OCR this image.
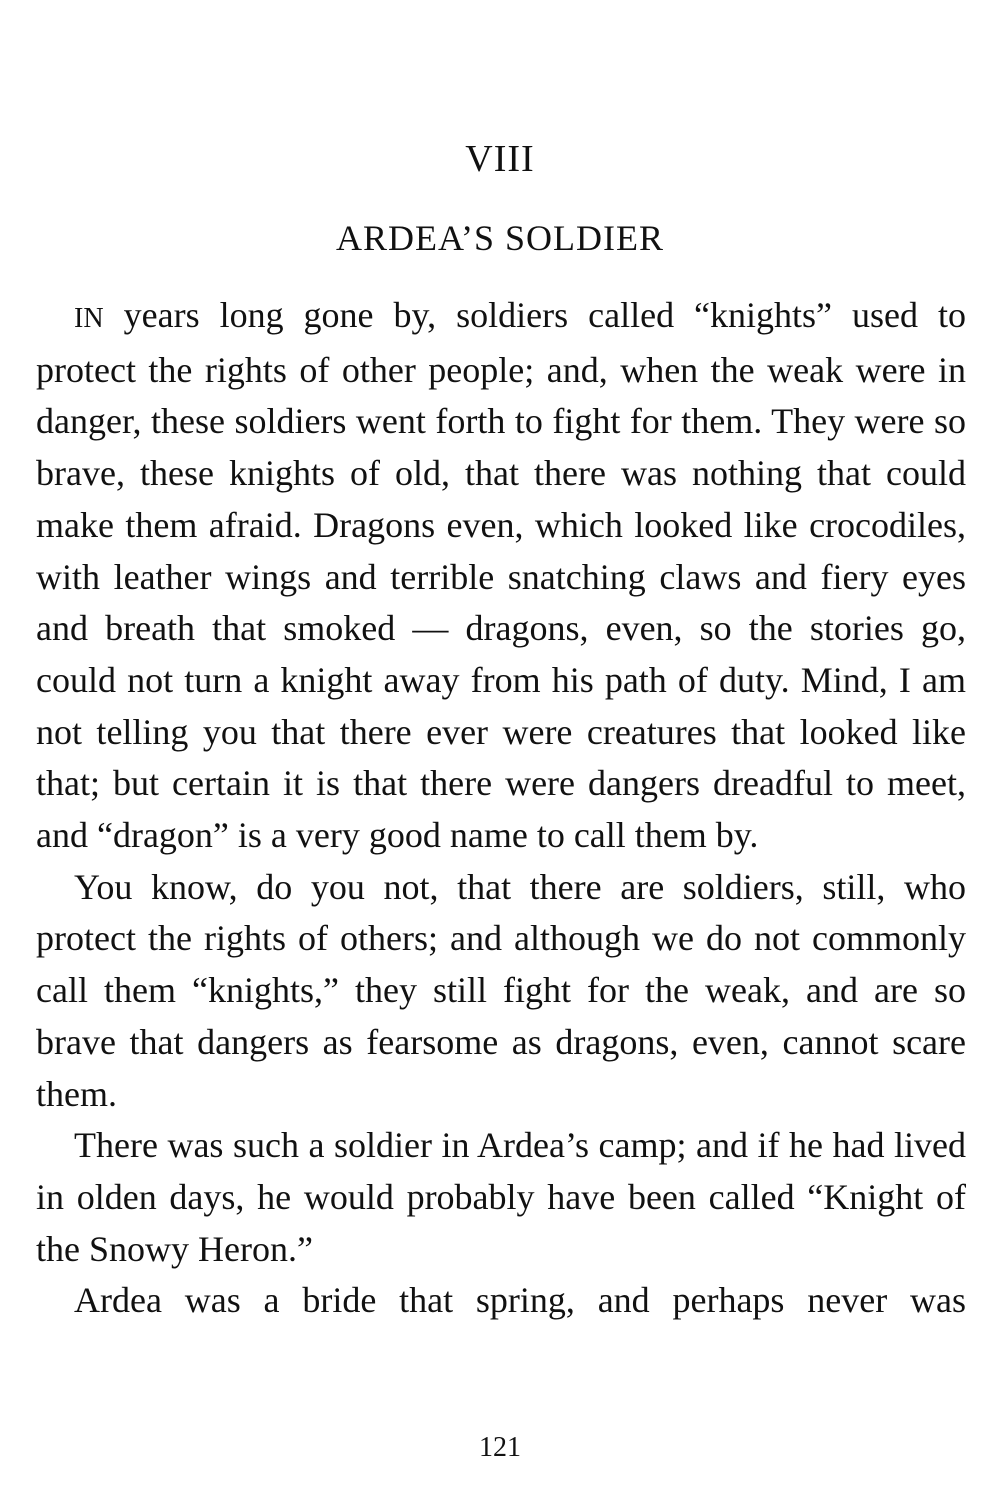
VIII
ARDEA’S SOLDIER

IN years long gone by, soldiers called “knights” used to protect the rights of other people; and, when the weak were in danger, these soldiers went forth to fight for them. They were so brave, these knights of old, that there was nothing that could make them afraid. Dragons even, which looked like crocodiles, with leather wings and terrible snatching claws and fiery eyes and breath that smoked — dragons, even, so the stories go, could not turn a knight away from his path of duty. Mind, I am not telling you that there ever were creatures that looked like that; but certain it is that there were dangers dreadful to meet, and “dragon” is a very good name to call them by.

You know, do you not, that there are soldiers, still, who protect the rights of others; and although we do not commonly call them “knights,” they still fight for the weak, and are so brave that dangers as fearsome as dragons, even, cannot scare them.

There was such a soldier in Ardea’s camp; and if he had lived in olden days, he would probably have been called “Knight of the Snowy Heron.”

Ardea was a bride that spring, and perhaps never was

121
